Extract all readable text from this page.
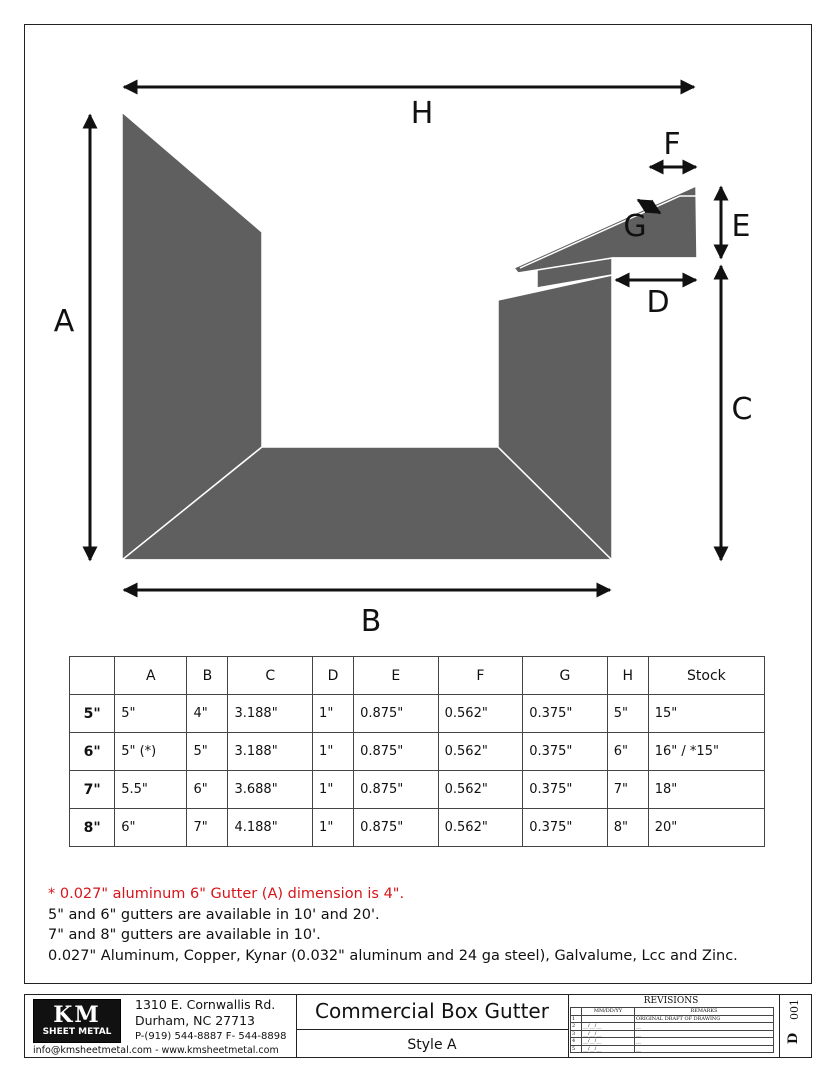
H
A
B
C
E
F
D
G
	A	B	C	D	E	F	G	H	Stock
5"	5"	4"	3.188"	1"	0.875"	0.562"	0.375"	5"	15"
6"	5" (*)	5"	3.188"	1"	0.875"	0.562"	0.375"	6"	16" / *15"
7"	5.5"	6"	3.688"	1"	0.875"	0.562"	0.375"	7"	18"
8"	6"	7"	4.188"	1"	0.875"	0.562"	0.375"	8"	20"
* 0.027" aluminum 6" Gutter (A) dimension is 4".
5" and 6" gutters are available in 10' and 20'.
7" and 8" gutters are available in 10'.
0.027" Aluminum, Copper, Kynar (0.032" aluminum and 24 ga steel), Galvalume, Lcc and Zinc.
KM
SHEET METAL
1310 E. Cornwallis Rd.
Durham, NC 27713
P-(919) 544-8887 F- 544-8898
info@kmsheetmetal.com - www.kmsheetmetal.com
Commercial Box Gutter
Style A
REVISIONS
	MM/DD/YY	REMARKS
1		ORIGINAL DRAFT OF DRAWING
2	__/__/__	__
3	__/__/__	__
4	__/__/__	__
5	__/__/__	__
001
D
